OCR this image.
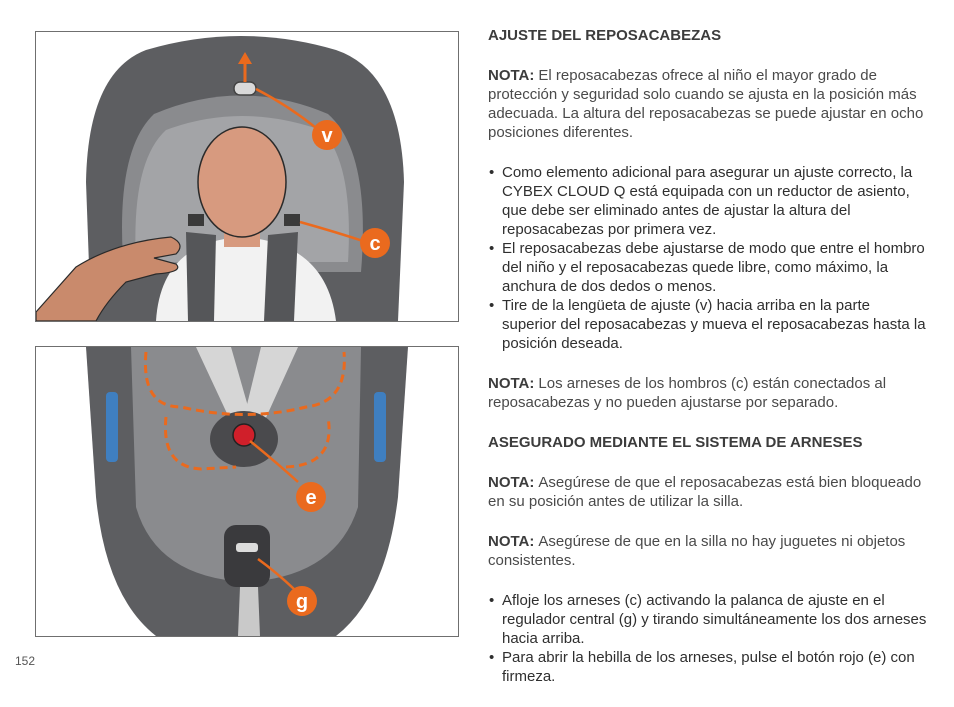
v
c
e
g
AJUSTE DEL REPOSACABEZAS

NOTA: El reposacabezas ofrece al niño el mayor grado de protección y seguridad solo cuando se ajusta en la posición más adecuada. La altura del reposacabezas se puede ajustar en ocho posiciones diferentes.

• Como elemento adicional para asegurar un ajuste correcto, la CYBEX CLOUD Q está equipada con un reductor de asiento, que debe ser eliminado antes de ajustar la altura del reposacabezas por primera vez.
• El reposacabezas debe ajustarse de modo que entre el hombro del niño y el reposacabezas quede libre, como máximo, la anchura de dos dedos o menos.
• Tire de la lengüeta de ajuste (v) hacia arriba en la parte superior del reposacabezas y mueva el reposacabezas hasta la posición deseada.

NOTA: Los arneses de los hombros (c) están conectados al reposacabezas y no pueden ajustarse por separado.

ASEGURADO MEDIANTE EL SISTEMA DE ARNESES

NOTA: Asegúrese de que el reposacabezas está bien bloqueado en su posición antes de utilizar la silla.

NOTA: Asegúrese de que en la silla no hay juguetes ni objetos consistentes.

• Afloje los arneses (c) activando la palanca de ajuste en el regulador central (g) y tirando simultáneamente los dos arneses hacia arriba.
• Para abrir la hebilla de los arneses, pulse el botón rojo (e) con firmeza.
152
